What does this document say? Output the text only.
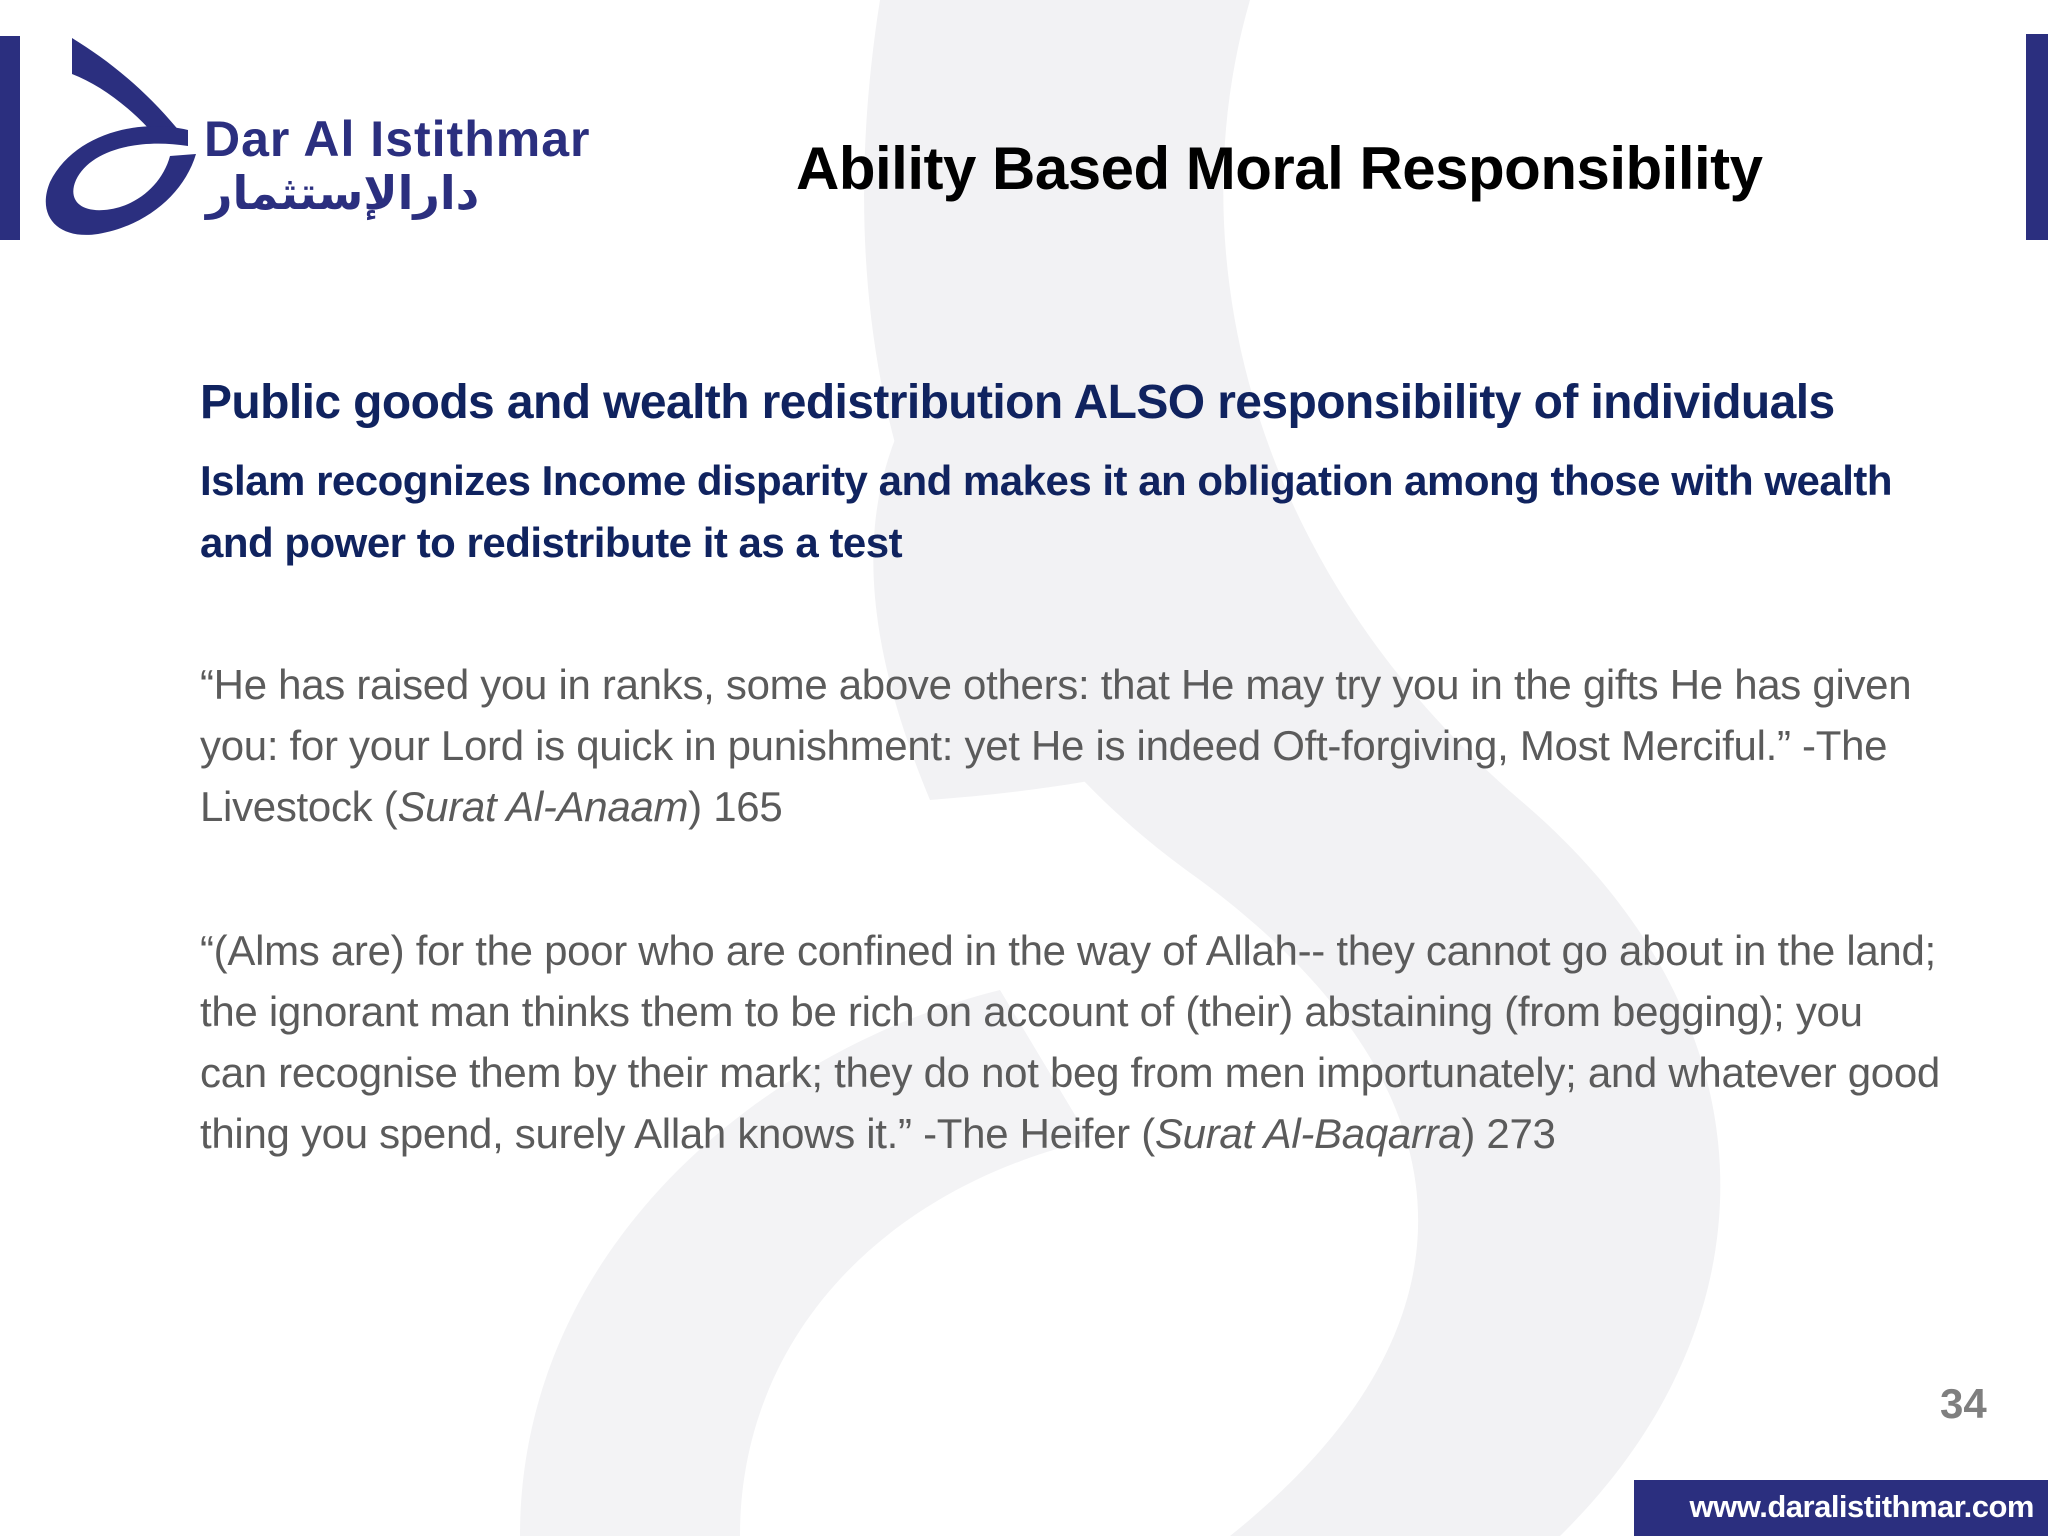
Dar Al Istithmar
دارالإستثمار	Ability Based Moral Responsibility

Public goods and wealth redistribution ALSO responsibility of individuals

Islam recognizes Income disparity and makes it an obligation among those with wealth and power to redistribute it as a test

“He has raised you in ranks, some above others: that He may try you in the gifts He has given you: for your Lord is quick in punishment: yet He is indeed Oft-forgiving, Most Merciful.” -The Livestock (Surat Al-Anaam) 165

“(Alms are) for the poor who are confined in the way of Allah-- they cannot go about in the land; the ignorant man thinks them to be rich on account of (their) abstaining (from begging); you can recognise them by their mark; they do not beg from men importunately; and whatever good thing you spend, surely Allah knows it.” -The Heifer (Surat Al-Baqarra) 273

34
www.daralistithmar.com
